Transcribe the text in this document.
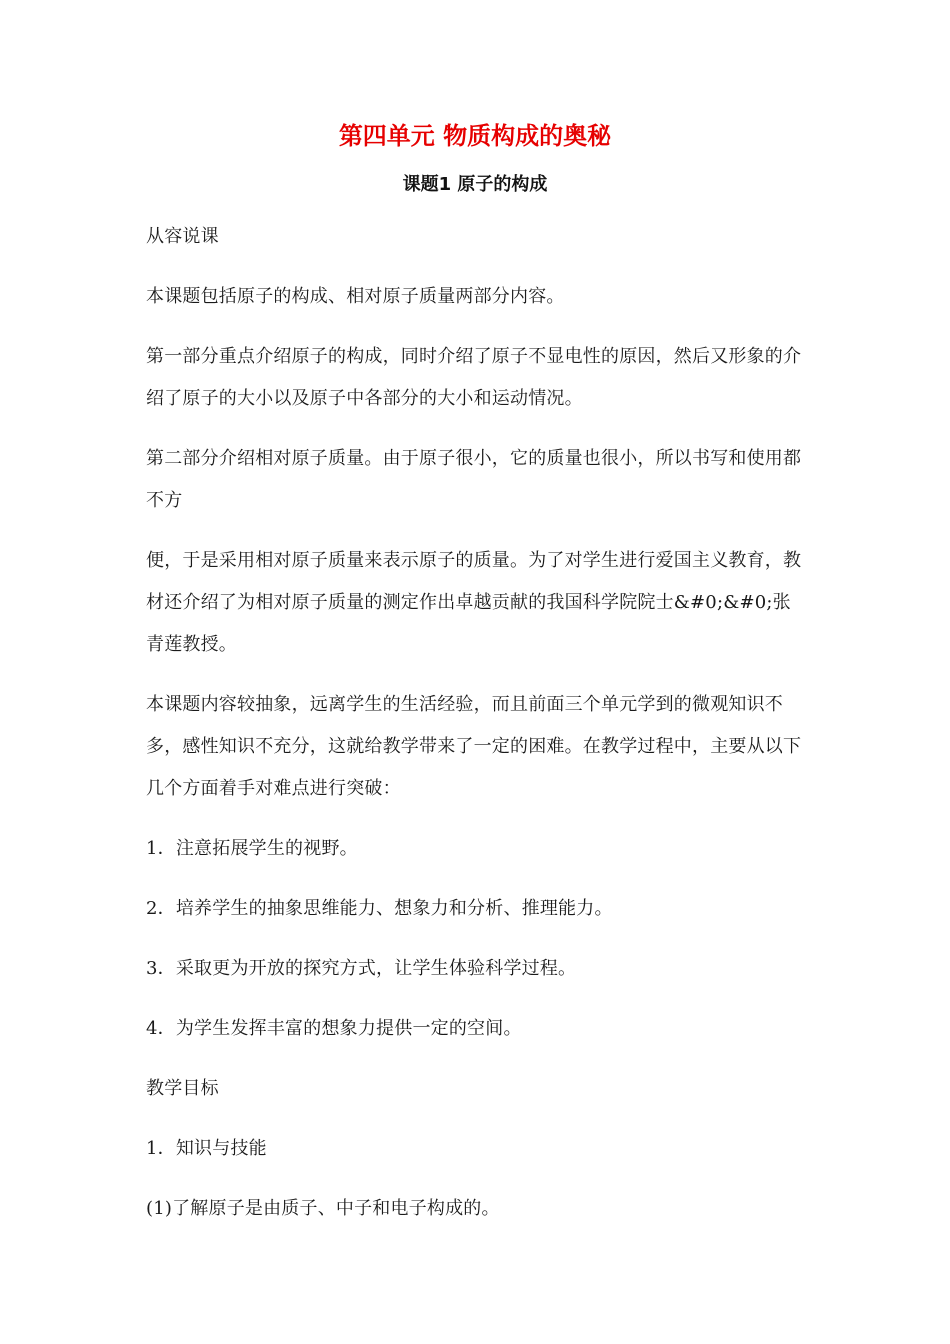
第四单元 物质构成的奥秘
课题1 原子的构成

从容说课

本课题包括原子的构成、相对原子质量两部分内容。

第一部分重点介绍原子的构成，同时介绍了原子不显电性的原因，然后又形象的介绍了原子的大小以及原子中各部分的大小和运动情况。

第二部分介绍相对原子质量。由于原子很小，它的质量也很小，所以书写和使用都不方

便，于是采用相对原子质量来表示原子的质量。为了对学生进行爱国主义教育，教材还介绍了为相对原子质量的测定作出卓越贡献的我国科学院院士&#0;&#0;张青莲教授。

本课题内容较抽象，远离学生的生活经验，而且前面三个单元学到的微观知识不多，感性知识不充分，这就给教学带来了一定的困难。在教学过程中，主要从以下几个方面着手对难点进行突破：

1．注意拓展学生的视野。

2．培养学生的抽象思维能力、想象力和分析、推理能力。

3．采取更为开放的探究方式，让学生体验科学过程。

4．为学生发挥丰富的想象力提供一定的空间。

教学目标

1．知识与技能

(1)了解原子是由质子、中子和电子构成的。
